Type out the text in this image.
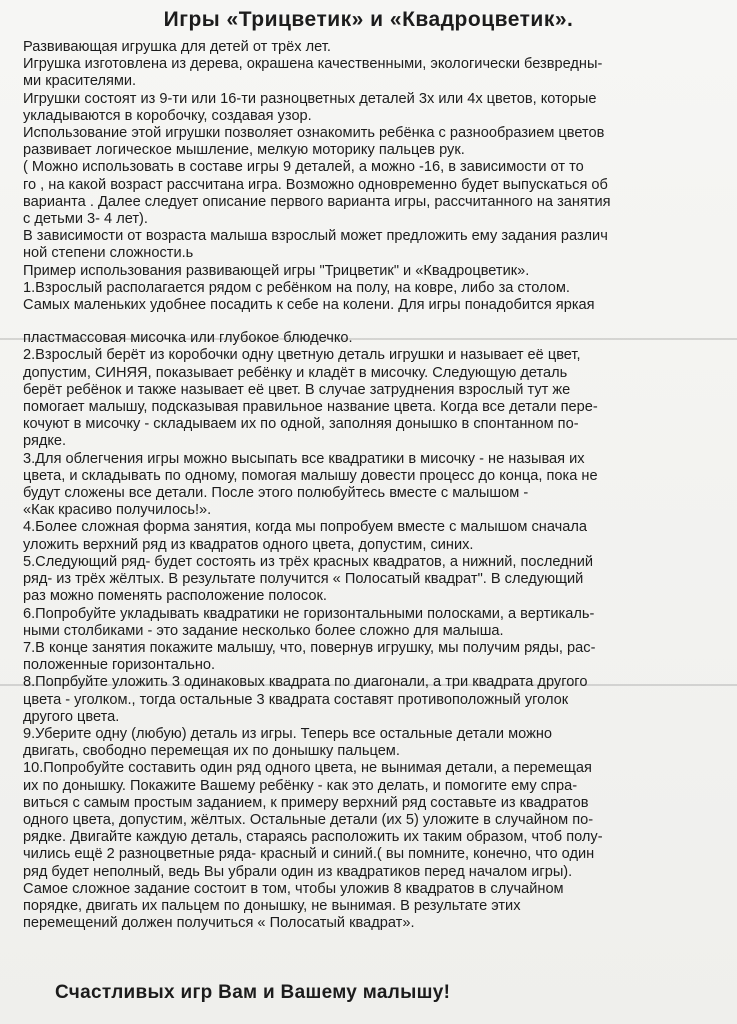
Игры «Трицветик» и «Квадроцветик».

Развивающая игрушка для детей от трёх лет.

Игрушка изготовлена из дерева, окрашена качественными, экологически безвредны-

ми красителями.

Игрушки состоят из 9-ти или 16-ти разноцветных деталей 3х или 4х цветов, которые

укладываются в коробочку, создавая узор.

Использование этой игрушки позволяет ознакомить ребёнка с разнообразием цветов

развивает логическое мышление, мелкую моторику пальцев рук.

( Можно использовать в составе игры 9 деталей, а можно -16, в зависимости от то

го , на какой возраст рассчитана игра. Возможно одновременно будет выпускаться об

варианта . Далее следует описание первого варианта игры, рассчитанного на занятия

с детьми 3- 4 лет).

В зависимости от возраста малыша взрослый может предложить ему задания различ

ной степени сложности.ь

Пример использования развивающей игры "Трицветик" и «Квадроцветик».

1.Взрослый располагается рядом с ребёнком на полу, на ковре, либо за столом.

Самых маленьких удобнее посадить к себе на колени. Для игры понадобится яркая

пластмассовая мисочка или глубокое блюдечко.

2.Взрослый берёт из коробочки одну цветную деталь игрушки и называет её цвет,

допустим, СИНЯЯ, показывает ребёнку и кладёт в мисочку. Следующую деталь

берёт ребёнок и также называет её цвет. В случае затруднения взрослый тут же

помогает малышу, подсказывая правильное название цвета. Когда все детали пере-

кочуют в мисочку - складываем их по одной, заполняя донышко в спонтанном по-

рядке.

3.Для облегчения игры можно высыпать все квадратики в мисочку - не называя их

цвета, и складывать по одному, помогая малышу довести процесс до конца, пока не

будут сложены все детали. После этого полюбуйтесь вместе с малышом -

«Как красиво получилось!».

4.Более сложная форма занятия, когда мы попробуем вместе с малышом сначала

уложить верхний ряд из квадратов одного цвета, допустим, синих.

5.Следующий ряд- будет состоять из трёх красных квадратов, а нижний, последний

ряд- из трёх жёлтых. В результате получится « Полосатый квадрат". В следующий

раз можно поменять расположение полосок.

6.Попробуйте укладывать квадратики не горизонтальными полосками, а вертикаль-

ными столбиками - это задание несколько более сложно для малыша.

7.В конце занятия покажите малышу, что, повернув игрушку, мы получим ряды, рас-

положенные горизонтально.

8.Попрбуйте уложить 3 одинаковых квадрата по диагонали, а три квадрата другого

цвета - уголком., тогда остальные 3 квадрата составят противоположный уголок

другого цвета.

9.Уберите одну (любую) деталь из игры. Теперь все остальные детали можно

двигать, свободно перемещая их по донышку пальцем.

10.Попробуйте составить один ряд одного цвета, не вынимая детали, а перемещая

их по донышку. Покажите Вашему ребёнку - как это делать, и помогите ему спра-

виться с самым простым заданием, к примеру верхний ряд составьте из квадратов

одного цвета, допустим, жёлтых. Остальные детали (их 5) уложите в случайном по-

рядке. Двигайте каждую деталь, стараясь расположить их таким образом, чтоб полу-

чились ещё 2 разноцветные ряда- красный и синий.( вы помните, конечно, что один

ряд будет неполный, ведь Вы убрали один из квадратиков перед началом игры).

Самое сложное задание состоит в том, чтобы уложив 8 квадратов в случайном

порядке, двигать их пальцем по донышку, не вынимая. В результате этих

перемещений должен получиться « Полосатый квадрат».

Счастливых игр Вам и Вашему малышу!
